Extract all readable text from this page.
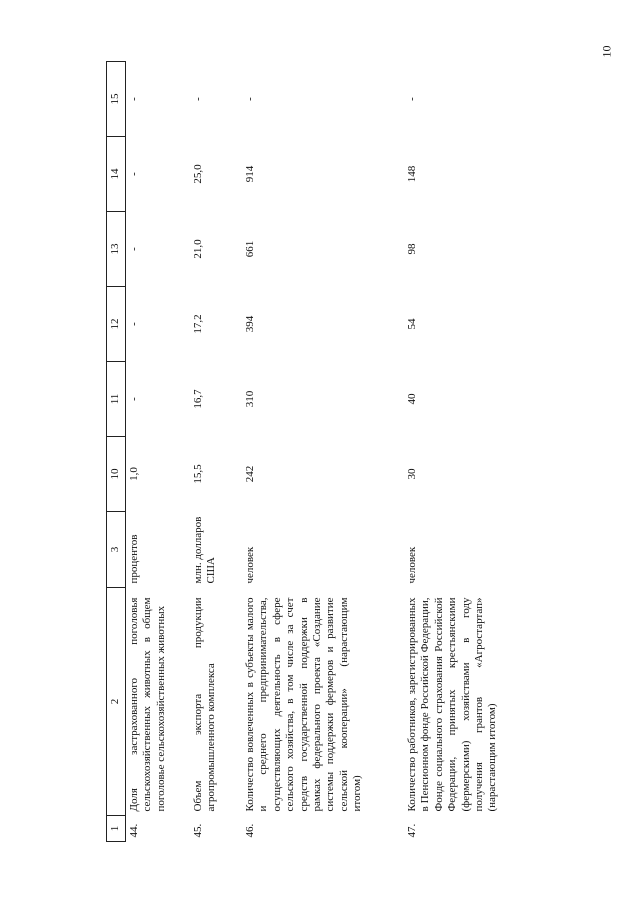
10
1	2	3	10	11	12	13	14	15
44.	Доля застрахованного поголовья сельскохозяйственных животных в общем поголовье сельскохозяйственных животных	процентов	1,0	-	-	-	-	-
45.	Объем экспорта продукции агропромышленного комплекса	млн. долларов США	15,5	16,7	17,2	21,0	25,0	-
46.	Количество вовлеченных в субъекты малого и среднего предпринимательства, осуществляющих деятельность в сфере сельского хозяйства, в том числе за счет средств государственной поддержки в рамках федерального проекта «Создание системы поддержки фермеров и развитие сельской кооперации» (нарастающим итогом)	человек	242	310	394	661	914	-
47.	Количество работников, зарегистрированных в Пенсионном фонде Российской Федерации, Фонде социального страхования Российской Федерации, принятых крестьянскими (фермерскими) хозяйствами в году получения грантов «Агростартап» (нарастающим итогом)	человек	30	40	54	98	148	-
